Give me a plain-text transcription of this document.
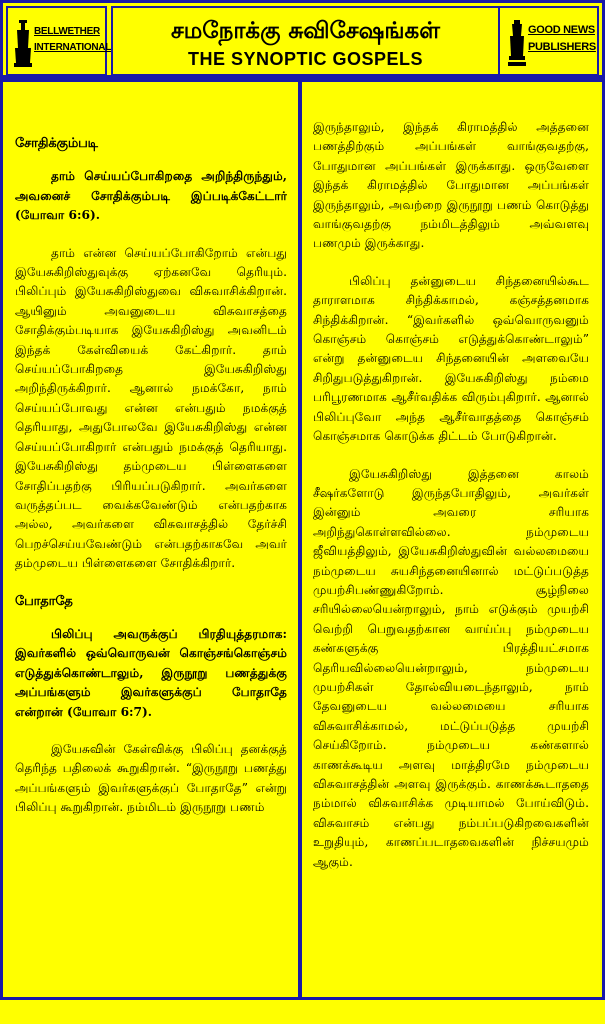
BELLWETHER INTERNATIONAL
சமநோக்கு சுவிசேஷங்கள்
THE SYNOPTIC GOSPELS
GOOD NEWS PUBLISHERS

சோதிக்கும்படி

தாம் செய்யப்போகிறதை அறிந்திருந்தும், அவனைச் சோதிக்கும்படி இப்படிக்கேட்டார் (யோவா 6:6).

தாம் என்ன செய்யப்போகிறோம் என்பது இயேசுகிறிஸ்துவுக்கு ஏற்கனவே தெரியும். பிலிப்பும் இயேசுகிறிஸ்துவை விசுவாசிக்கிறான். ஆயினும் அவனுடைய விசுவாசத்தை சோதிக்கும்படியாக இயேசுகிறிஸ்து அவனிடம் இந்தக் கேள்வியைக் கேட்கிறார். தாம் செய்யப்போகிறதை இயேசுகிறிஸ்து அறிந்திருக்கிறார். ஆனால் நமக்கோ, நாம் செய்யப்போவது என்ன என்பதும் நமக்குத் தெரியாது, அதுபோலவே இயேசுகிறிஸ்து என்ன செய்யப்போகிறார் என்பதும் நமக்குத் தெரியாது. இயேசுகிறிஸ்து தம்முடைய பிள்ளைகளை சோதிப்பதற்கு பிரியப்படுகிறார். அவர்களை வருத்தப்பட வைக்கவேண்டும் என்பதற்காக அல்ல, அவர்களை விசுவாசத்தில் தேர்ச்சி பெறச்செய்யவேண்டும் என்பதற்காகவே அவர் தம்முடைய பிள்ளைகளை சோதிக்கிறார்.

போதாதே

பிலிப்பு அவருக்குப் பிரதியுத்தரமாக: இவர்களில் ஒவ்வொருவன் கொஞ்சங்கொஞ்சம் எடுத்துக்கொண்டாலும், இருநூறு பணத்துக்கு அப்பங்களும் இவர்களுக்குப் போதாதே என்றான் (யோவா 6:7).

இயேசுவின் கேள்விக்கு பிலிப்பு தனக்குத் தெரிந்த பதிலைக் கூறுகிறான். “இருநூறு பணத்து அப்பங்களும் இவர்களுக்குப் போதாதே” என்று பிலிப்பு கூறுகிறான். நம்மிடம் இருநூறு பணம்

இருந்தாலும், இந்தக் கிராமத்தில் அத்தனை பணத்திற்கும் அப்பங்கள் வாங்குவதற்கு, போதுமான அப்பங்கள் இருக்காது. ஒருவேளை இந்தக் கிராமத்தில் போதுமான அப்பங்கள் இருந்தாலும், அவற்றை இருநூறு பணம் கொடுத்து வாங்குவதற்கு நம்மிடத்திலும் அவ்வளவு பணமும் இருக்காது.

பிலிப்பு தன்னுடைய சிந்தனையில்கூட தாராளமாக சிந்திக்காமல், கஞ்சத்தனமாக சிந்திக்கிறான். “இவர்களில் ஒவ்வொருவனும் கொஞ்சம் கொஞ்சம் எடுத்துக்கொண்டாலும்” என்று தன்னுடைய சிந்தனையின் அளவையே சிறிதுபடுத்துகிறான். இயேசுகிறிஸ்து நம்மை பரிபூரணமாக ஆசீர்வதிக்க விரும்புகிறார். ஆனால் பிலிப்புவோ அந்த ஆசீர்வாதத்தை கொஞ்சம் கொஞ்சமாக கொடுக்க திட்டம் போடுகிறான்.

இயேசுகிறிஸ்து இத்தனை காலம் சீஷர்களோடு இருந்தபோதிலும், அவர்கள் இன்னும் அவரை சரியாக அறிந்துகொள்ளவில்லை. நம்முடைய ஜீவியத்திலும், இயேசுகிறிஸ்துவின் வல்லமையை நம்முடைய சுயசிந்தனையினால் மட்டுப்படுத்த முயற்சிபண்ணுகிறோம். சூழ்நிலை சரியில்லையென்றாலும், நாம் எடுக்கும் முயற்சி வெற்றி பெறுவதற்கான வாய்ப்பு நம்முடைய கண்களுக்கு பிரத்தியட்சமாக தெரியவில்லையென்றாலும், நம்முடைய முயற்சிகள் தோல்வியடைந்தாலும், நாம் தேவனுடைய வல்லமையை சரியாக விசுவாசிக்காமல், மட்டுப்படுத்த முயற்சி செய்கிறோம். நம்முடைய கண்களால் காணக்கூடிய அளவு மாத்திரமே நம்முடைய விசுவாசத்தின் அளவு இருக்கும். காணக்கூடாததை நம்மால் விசுவாசிக்க முடியாமல் போய்விடும். விசுவாசம் என்பது நம்பப்படுகிறவைகளின் உறுதியும், காணப்படாதவைகளின் நிச்சயமும் ஆகும்.
